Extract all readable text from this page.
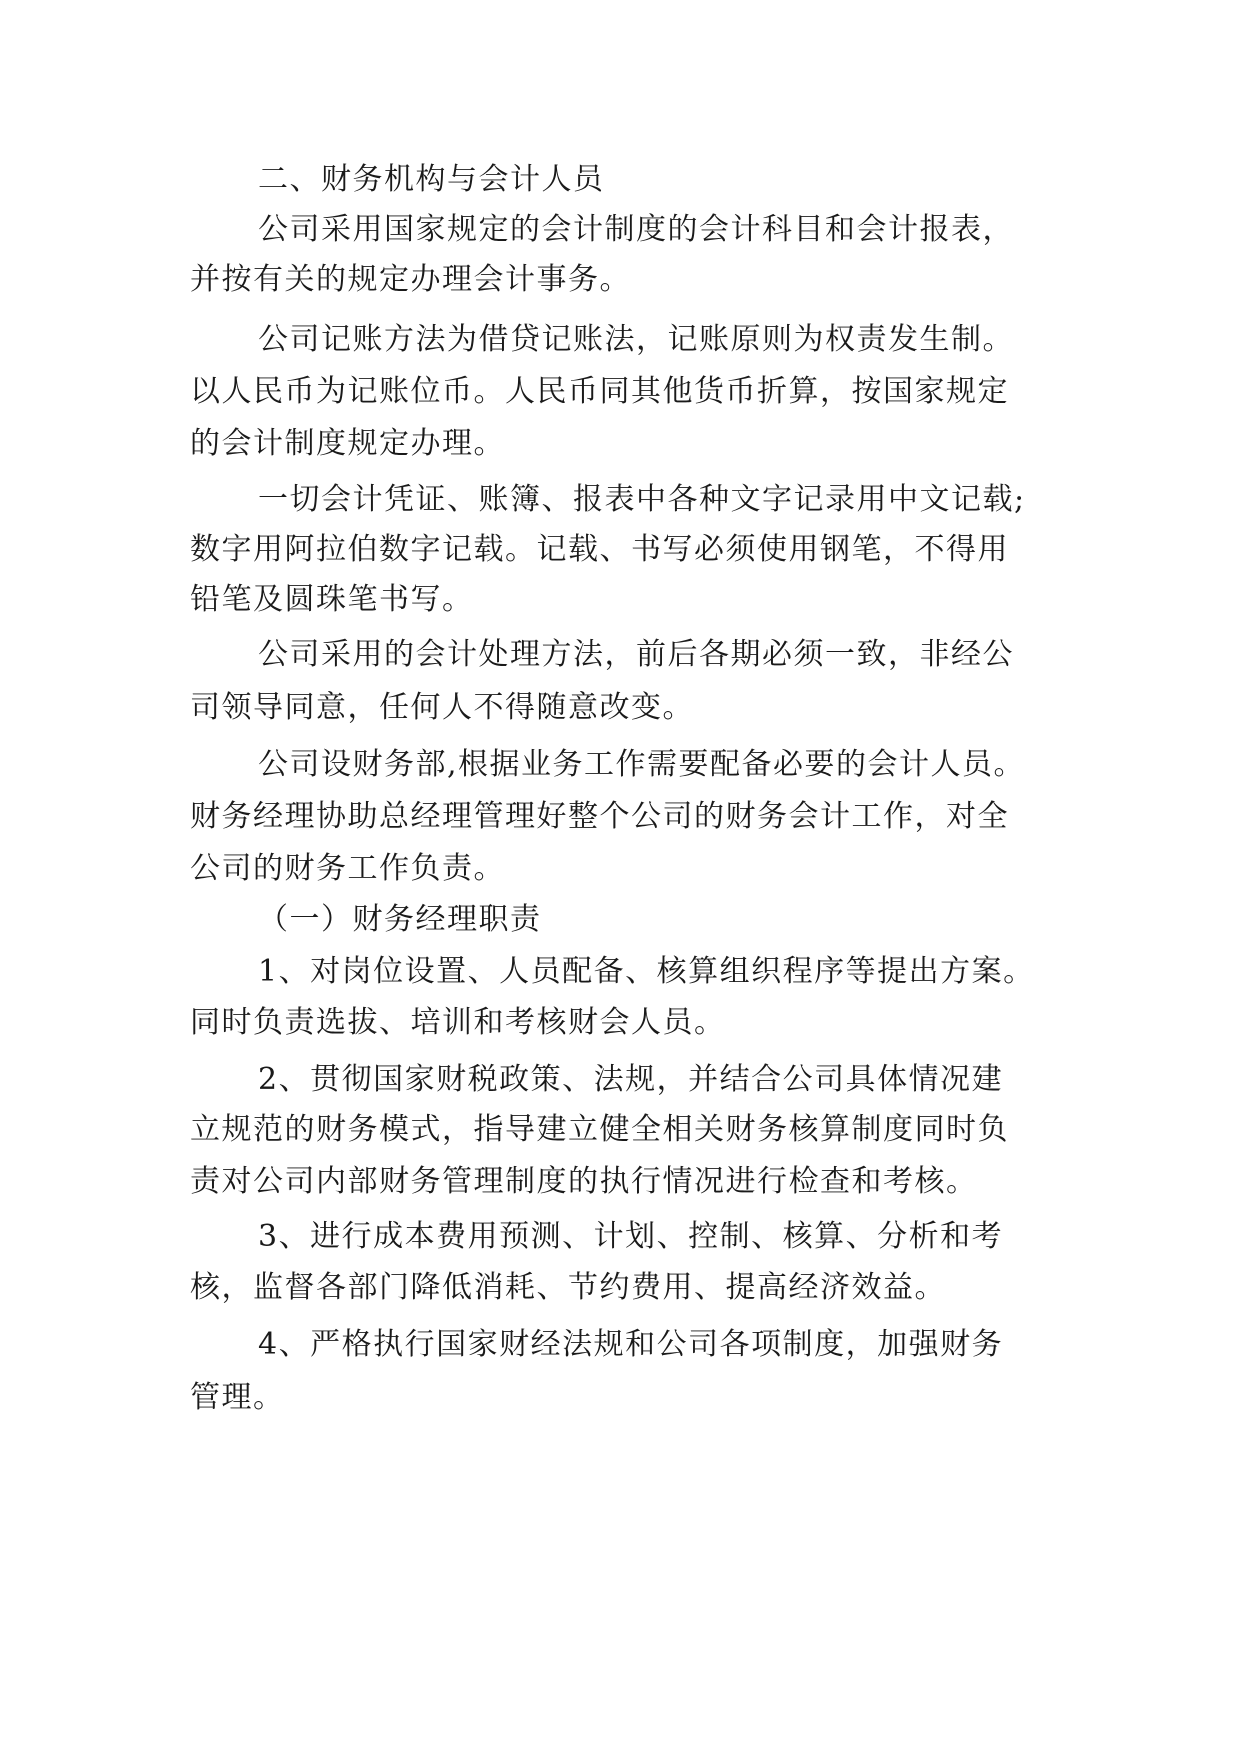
二、财务机构与会计人员

公司采用国家规定的会计制度的会计科目和会计报表，

并按有关的规定办理会计事务。

公司记账方法为借贷记账法，记账原则为权责发生制。

以人民币为记账位币。人民币同其他货币折算，按国家规定

的会计制度规定办理。

一切会计凭证、账簿、报表中各种文字记录用中文记载;

数字用阿拉伯数字记载。记载、书写必须使用钢笔，不得用

铅笔及圆珠笔书写。

公司采用的会计处理方法，前后各期必须一致，非经公

司领导同意，任何人不得随意改变。

公司设财务部,根据业务工作需要配备必要的会计人员。

财务经理协助总经理管理好整个公司的财务会计工作，对全

公司的财务工作负责。

（一）财务经理职责

1、对岗位设置、人员配备、核算组织程序等提出方案。

同时负责选拔、培训和考核财会人员。

2、贯彻国家财税政策、法规，并结合公司具体情况建

立规范的财务模式，指导建立健全相关财务核算制度同时负

责对公司内部财务管理制度的执行情况进行检查和考核。

3、进行成本费用预测、计划、控制、核算、分析和考

核，监督各部门降低消耗、节约费用、提高经济效益。

4、严格执行国家财经法规和公司各项制度，加强财务

管理。
